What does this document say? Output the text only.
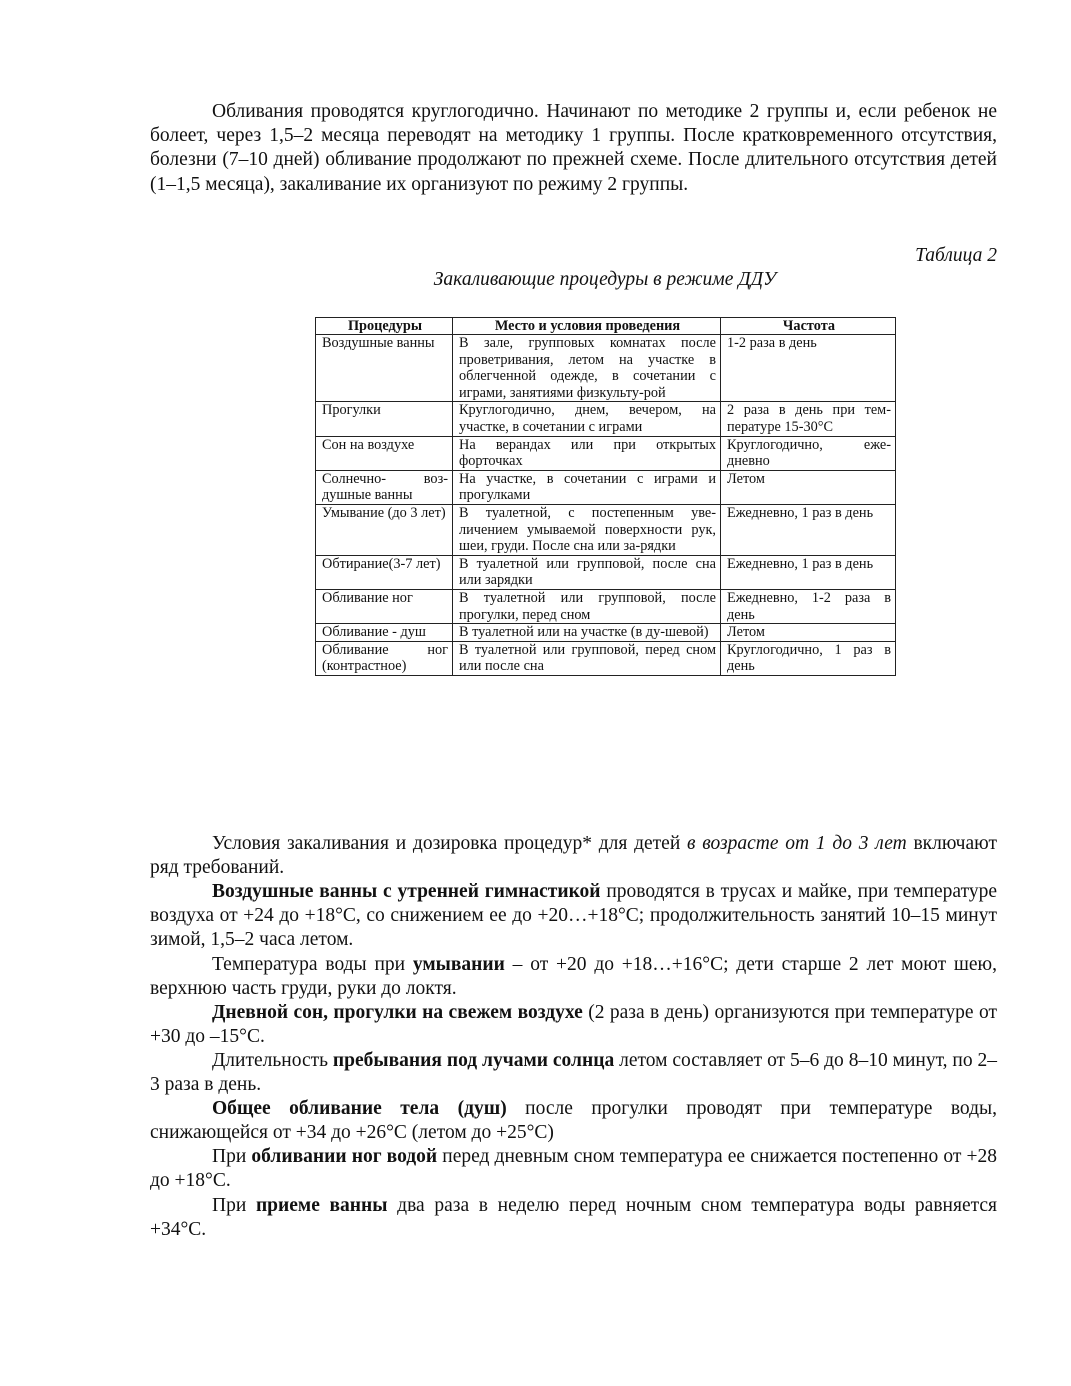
Обливания проводятся круглогодично. Начинают по методике 2 группы и, если ребенок не болеет, через 1,5–2 месяца переводят на методику 1 группы. После кратковременного отсутствия, болезни (7–10 дней) обливание продолжают по прежней схеме. После длительного отсутствия детей (1–1,5 месяца), закаливание их организуют по режиму 2 группы.

Таблица 2
Закаливающие процедуры в режиме ДДУ
Процедуры	Место и условия проведения	Частота
Воздушные ванны	В зале, групповых комнатах после проветривания, летом на участке в облегченной одежде, в сочетании с играми, занятиями физкульту-рой	1-2 раза в день
Прогулки	Круглогодично, днем, вечером, на участке, в сочетании с играми	2 раза в день при тем-пературе 15-30°С
Сон на воздухе	На верандах или при открытых форточках	Круглогодично, еже-дневно
Солнечно- воз-душные ванны	На участке, в сочетании с играми и прогулками	Летом
Умывание (до 3 лет)	В туалетной, с постепенным уве-личением умываемой поверхности рук, шеи, груди. После сна или за-рядки	Ежедневно, 1 раз в день
Обтирание(3-7 лет)	В туалетной или групповой, после сна или зарядки	Ежедневно, 1 раз в день
Обливание ног	В туалетной или групповой, после прогулки, перед сном	Ежедневно, 1-2 раза в день
Обливание - душ	В туалетной или на участке (в ду-шевой)	Летом
Обливание ног (контрастное)	В туалетной или групповой, перед сном или после сна	Круглогодично, 1 раз в день

Условия закаливания и дозировка процедур* для детей в возрасте от 1 до 3 лет включают ряд требований.

Воздушные ванны с утренней гимнастикой проводятся в трусах и майке, при температуре воздуха от +24 до +18°С, со снижением ее до +20…+18°С; продолжительность занятий 10–15 минут зимой, 1,5–2 часа летом.

Температура воды при умывании – от +20 до +18…+16°С; дети старше 2 лет моют шею, верхнюю часть груди, руки до локтя.

Дневной сон, прогулки на свежем воздухе (2 раза в день) организуются при температуре от +30 до –15°С.

Длительность пребывания под лучами солнца летом составляет от 5–6 до 8–10 минут, по 2–3 раза в день.

Общее обливание тела (душ) после прогулки проводят при температуре воды, снижающейся от +34 до +26°С (летом до +25°С)

При обливании ног водой перед дневным сном температура ее снижается постепенно от +28 до +18°С.

При приеме ванны два раза в неделю перед ночным сном температура воды равняется +34°С.
